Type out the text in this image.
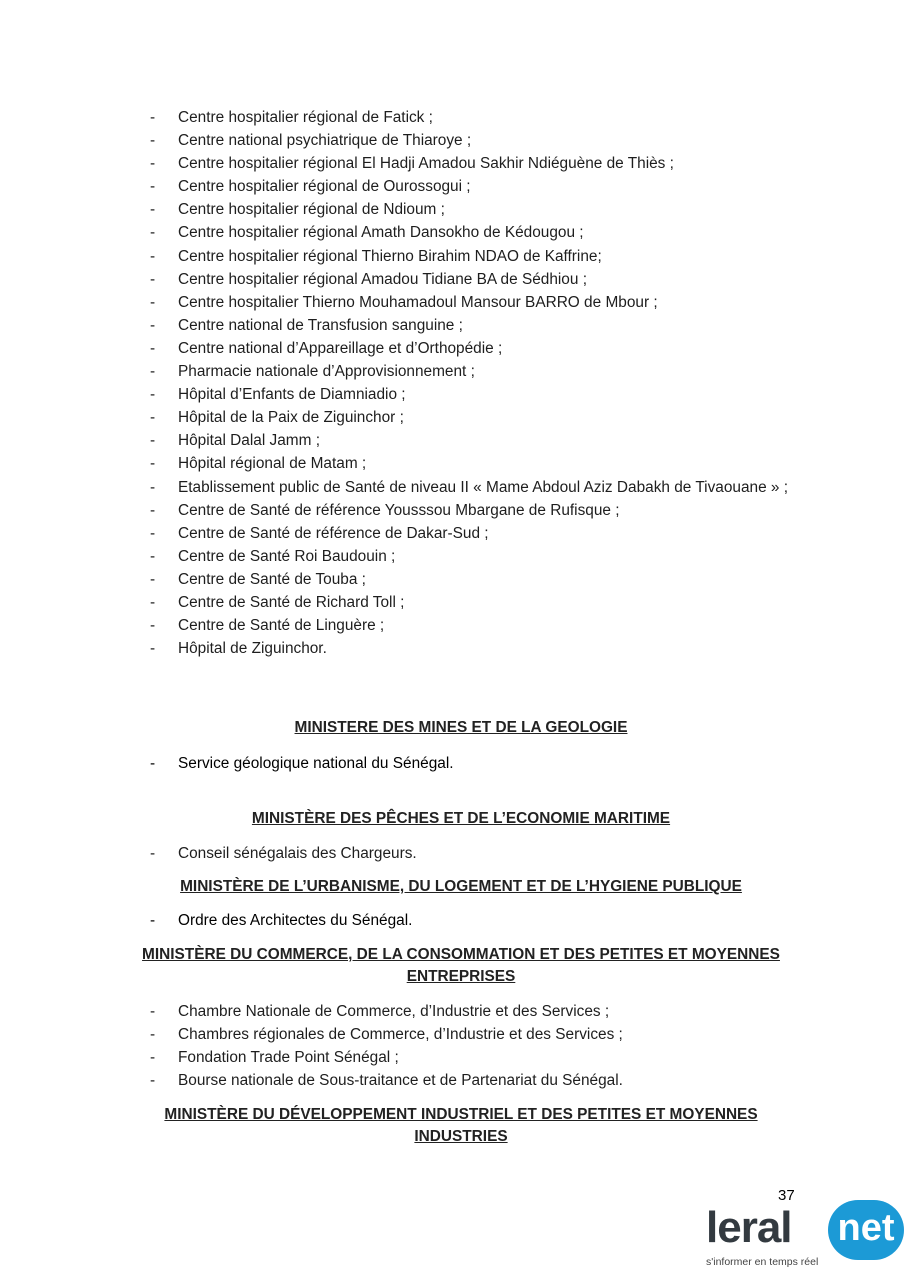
- Centre hospitalier régional de Fatick ;
- Centre national psychiatrique de Thiaroye ;
- Centre hospitalier régional El Hadji Amadou Sakhir Ndiéguène de Thiès ;
- Centre hospitalier régional de Ourossogui ;
- Centre hospitalier régional de Ndioum ;
- Centre hospitalier régional Amath Dansokho de Kédougou ;
- Centre hospitalier régional Thierno Birahim NDAO de Kaffrine;
- Centre hospitalier régional Amadou Tidiane BA de Sédhiou ;
- Centre hospitalier Thierno Mouhamadoul Mansour BARRO de Mbour ;
- Centre national de Transfusion sanguine ;
- Centre national d’Appareillage et d’Orthopédie ;
- Pharmacie nationale d’Approvisionnement ;
- Hôpital d’Enfants de Diamniadio ;
- Hôpital de la Paix de Ziguinchor ;
- Hôpital Dalal Jamm ;
- Hôpital régional de Matam ;
- Etablissement public de Santé de niveau II « Mame Abdoul Aziz Dabakh de Tivaouane » ;
- Centre de Santé de référence Yousssou Mbargane de Rufisque ;
- Centre de Santé de référence de Dakar-Sud ;
- Centre de Santé Roi Baudouin ;
- Centre de Santé de Touba ;
- Centre de Santé de Richard Toll ;
- Centre de Santé de Linguère ;
- Hôpital de Ziguinchor.
MINISTERE DES MINES ET DE LA GEOLOGIE
- Service géologique national du Sénégal.
MINISTÈRE DES PÊCHES ET DE L’ECONOMIE MARITIME
- Conseil sénégalais des Chargeurs.
MINISTÈRE DE L’URBANISME, DU LOGEMENT ET DE L’HYGIENE PUBLIQUE
- Ordre des Architectes du Sénégal.
MINISTÈRE DU COMMERCE, DE LA CONSOMMATION ET DES PETITES ET MOYENNES
ENTREPRISES
- Chambre Nationale de Commerce, d’Industrie et des Services ;
- Chambres régionales de Commerce, d’Industrie et des Services ;
- Fondation Trade Point Sénégal ;
- Bourse nationale de Sous-traitance et de Partenariat du Sénégal.
MINISTÈRE DU DÉVELOPPEMENT INDUSTRIEL ET DES PETITES ET MOYENNES
INDUSTRIES
37
leral net
s'informer en temps réel
